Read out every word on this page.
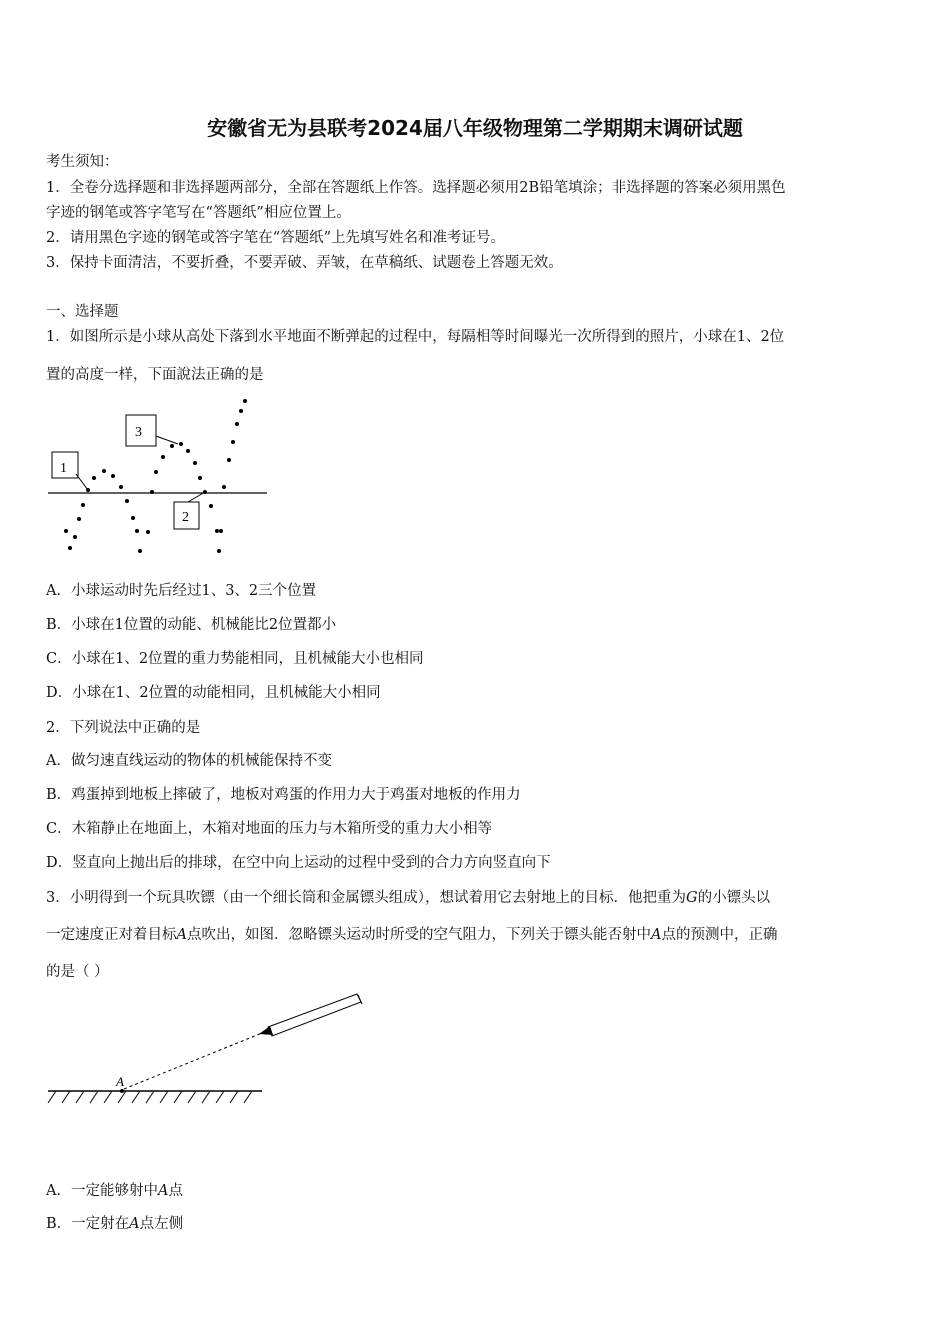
安徽省无为县联考2024届八年级物理第二学期期末调研试题
考生须知：
1．全卷分选择题和非选择题两部分，全部在答题纸上作答。选择题必须用2B铅笔填涂；非选择题的答案必须用黑色
字迹的钢笔或答字笔写在“答题纸”相应位置上。
2．请用黑色字迹的钢笔或答字笔在“答题纸”上先填写姓名和准考证号。
3．保持卡面清洁，不要折叠，不要弄破、弄皱，在草稿纸、试题卷上答题无效。
一、选择题
1．如图所示是小球从高处下落到水平地面不断弹起的过程中，每隔相等时间曝光一次所得到的照片，小球在1、2位
置的高度一样，下面說法正确的是
1
3
2
A．小球运动时先后经过1、3、2三个位置
B．小球在1位置的动能、机械能比2位置都小
C．小球在1、2位置的重力势能相同，且机械能大小也相同
D．小球在1、2位置的动能相同，且机械能大小相同
2．下列说法中正确的是
A．做匀速直线运动的物体的机械能保持不变
B．鸡蛋掉到地板上摔破了，地板对鸡蛋的作用力大于鸡蛋对地板的作用力
C．木箱静止在地面上，木箱对地面的压力与木箱所受的重力大小相等
D．竖直向上抛出后的排球，在空中向上运动的过程中受到的合力方向竖直向下
3．小明得到一个玩具吹镖（由一个细长筒和金属镖头组成），想试着用它去射地上的目标．他把重为G的小镖头以
一定速度正对着目标A点吹出，如图．忽略镖头运动时所受的空气阻力，下列关于镖头能否射中A点的预测中，正确
的是（ ）
A
A．一定能够射中A点
B．一定射在A点左侧
